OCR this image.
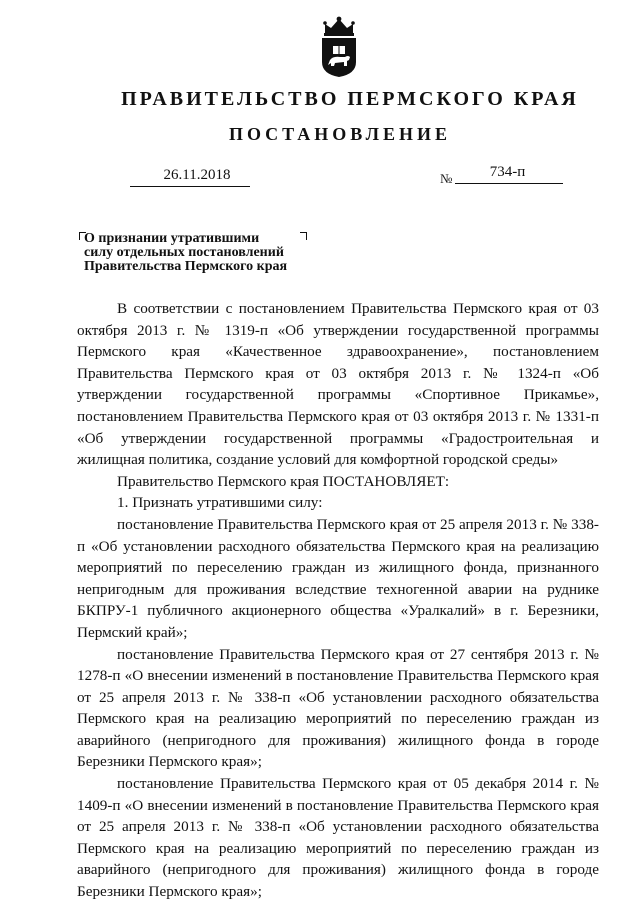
ПРАВИТЕЛЬСТВО ПЕРМСКОГО КРАЯ
ПОСТАНОВЛЕНИЕ
26.11.2018	№	734-п
О признании утратившими
силу отдельных постановлений
Правительства Пермского края

В соответствии с постановлением Правительства Пермского края от 03 октября 2013 г. № 1319-п «Об утверждении государственной программы Пермского края «Качественное здравоохранение», постановлением Правительства Пермского края от 03 октября 2013 г. № 1324-п «Об утверждении государственной программы «Спортивное Прикамье», постановлением Правительства Пермского края от 03 октября 2013 г. № 1331-п «Об утверждении государственной программы «Градостроительная и жилищная политика, создание условий для комфортной городской среды»

Правительство Пермского края ПОСТАНОВЛЯЕТ:

1. Признать утратившими силу:

постановление Правительства Пермского края от 25 апреля 2013 г. № 338-п «Об установлении расходного обязательства Пермского края на реализацию мероприятий по переселению граждан из жилищного фонда, признанного непригодным для проживания вследствие техногенной аварии на руднике БКПРУ-1 публичного акционерного общества «Уралкалий» в г. Березники, Пермский край»;

постановление Правительства Пермского края от 27 сентября 2013 г. № 1278-п «О внесении изменений в постановление Правительства Пермского края от 25 апреля 2013 г. № 338-п «Об установлении расходного обязательства Пермского края на реализацию мероприятий по переселению граждан из аварийного (непригодного для проживания) жилищного фонда в городе Березники Пермского края»;

постановление Правительства Пермского края от 05 декабря 2014 г. № 1409-п «О внесении изменений в постановление Правительства Пермского края от 25 апреля 2013 г. № 338-п «Об установлении расходного обязательства Пермского края на реализацию мероприятий по переселению граждан из аварийного (непригодного для проживания) жилищного фонда в городе Березники Пермского края»;
